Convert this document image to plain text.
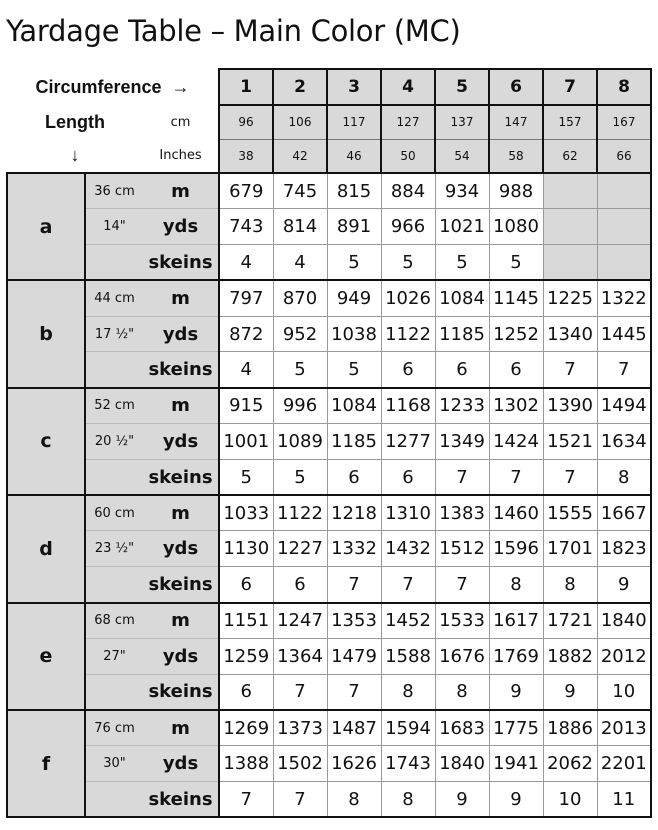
Yardage Table – Main Color (MC)
Circumference →			1	2	3	4	5	6	7	8
Length		cm	96	106	117	127	137	147	157	167
↓		Inches	38	42	46	50	54	58	62	66
a	36 cm	m	679	745	815	884	934	988		
	14"	yds	743	814	891	966	1021	1080		
		skeins	4	4	5	5	5	5		
b	44 cm	m	797	870	949	1026	1084	1145	1225	1322
	17 ½"	yds	872	952	1038	1122	1185	1252	1340	1445
		skeins	4	5	5	6	6	6	7	7
c	52 cm	m	915	996	1084	1168	1233	1302	1390	1494
	20 ½"	yds	1001	1089	1185	1277	1349	1424	1521	1634
		skeins	5	5	6	6	7	7	7	8
d	60 cm	m	1033	1122	1218	1310	1383	1460	1555	1667
	23 ½"	yds	1130	1227	1332	1432	1512	1596	1701	1823
		skeins	6	6	7	7	7	8	8	9
e	68 cm	m	1151	1247	1353	1452	1533	1617	1721	1840
	27"	yds	1259	1364	1479	1588	1676	1769	1882	2012
		skeins	6	7	7	8	8	9	9	10
f	76 cm	m	1269	1373	1487	1594	1683	1775	1886	2013
	30"	yds	1388	1502	1626	1743	1840	1941	2062	2201
		skeins	7	7	8	8	9	9	10	11
